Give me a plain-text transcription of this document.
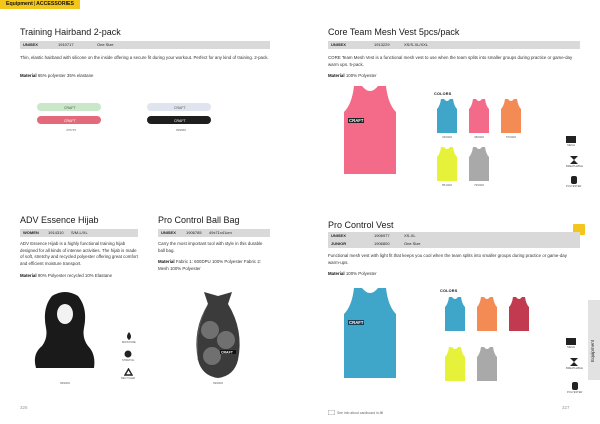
Equipment|ACCESSORIES
Training Hairband 2-pack
UNISEX	1910717	One Size
Thin, elastic hairband with silicone on the inside offering a secure fit during your workout. Perfect for any kind of training. 2-pack.
Material 65% polyester 35% elastane
CRAFT
CRAFT
475715
CRAFT
CRAFT
999960
ADV Essence Hijab
WOMEN 1914310 S/M-L/XL
ADV Essence Hijab is a highly functional training hijab designed for all kinds of intense activities. The hijab is made of soft, stretchy and recycled polyester offering great comfort and efficient moisture transport.
Material 90% Polyester recycled 10% Elastane
999000
MOISTURE
STRETCH
RECYCLED
Pro Control Ball Bag
UNISEX	1906785 49x71x41cm
Carry the most important tool with style in this durable ball bag.
Material Fabric 1: 600DPU 100% Polyester Fabric 2: Mesh 100% Polyester
CRAFT
999000
326
Core Team Mesh Vest 5pcs/pack
UNISEX	1913229	XS/S-XL/XXL
CORE Team Mesh Vest is a functional mesh vest to use when the team splits into smaller groups during practice or game-day warm ups. 5-pack.
Material 100% Polyester
CRAFT
COLORS
330000	480000	570000
851000	790000
MESH
BREATHABLE
POLYESTER
Pro Control Vest
UNISEX	1906977	XS-XL
JUNIOR	1906800	One Size
Functional mesh vest with light fit that keeps you cool when the team splits into smaller groups during practice or game-day warm-ups.
Material 100% Polyester
CRAFT
COLORS
MESH
BREATHABLE
POLYESTER
See info about cardboard in-fill
327
Equipment
